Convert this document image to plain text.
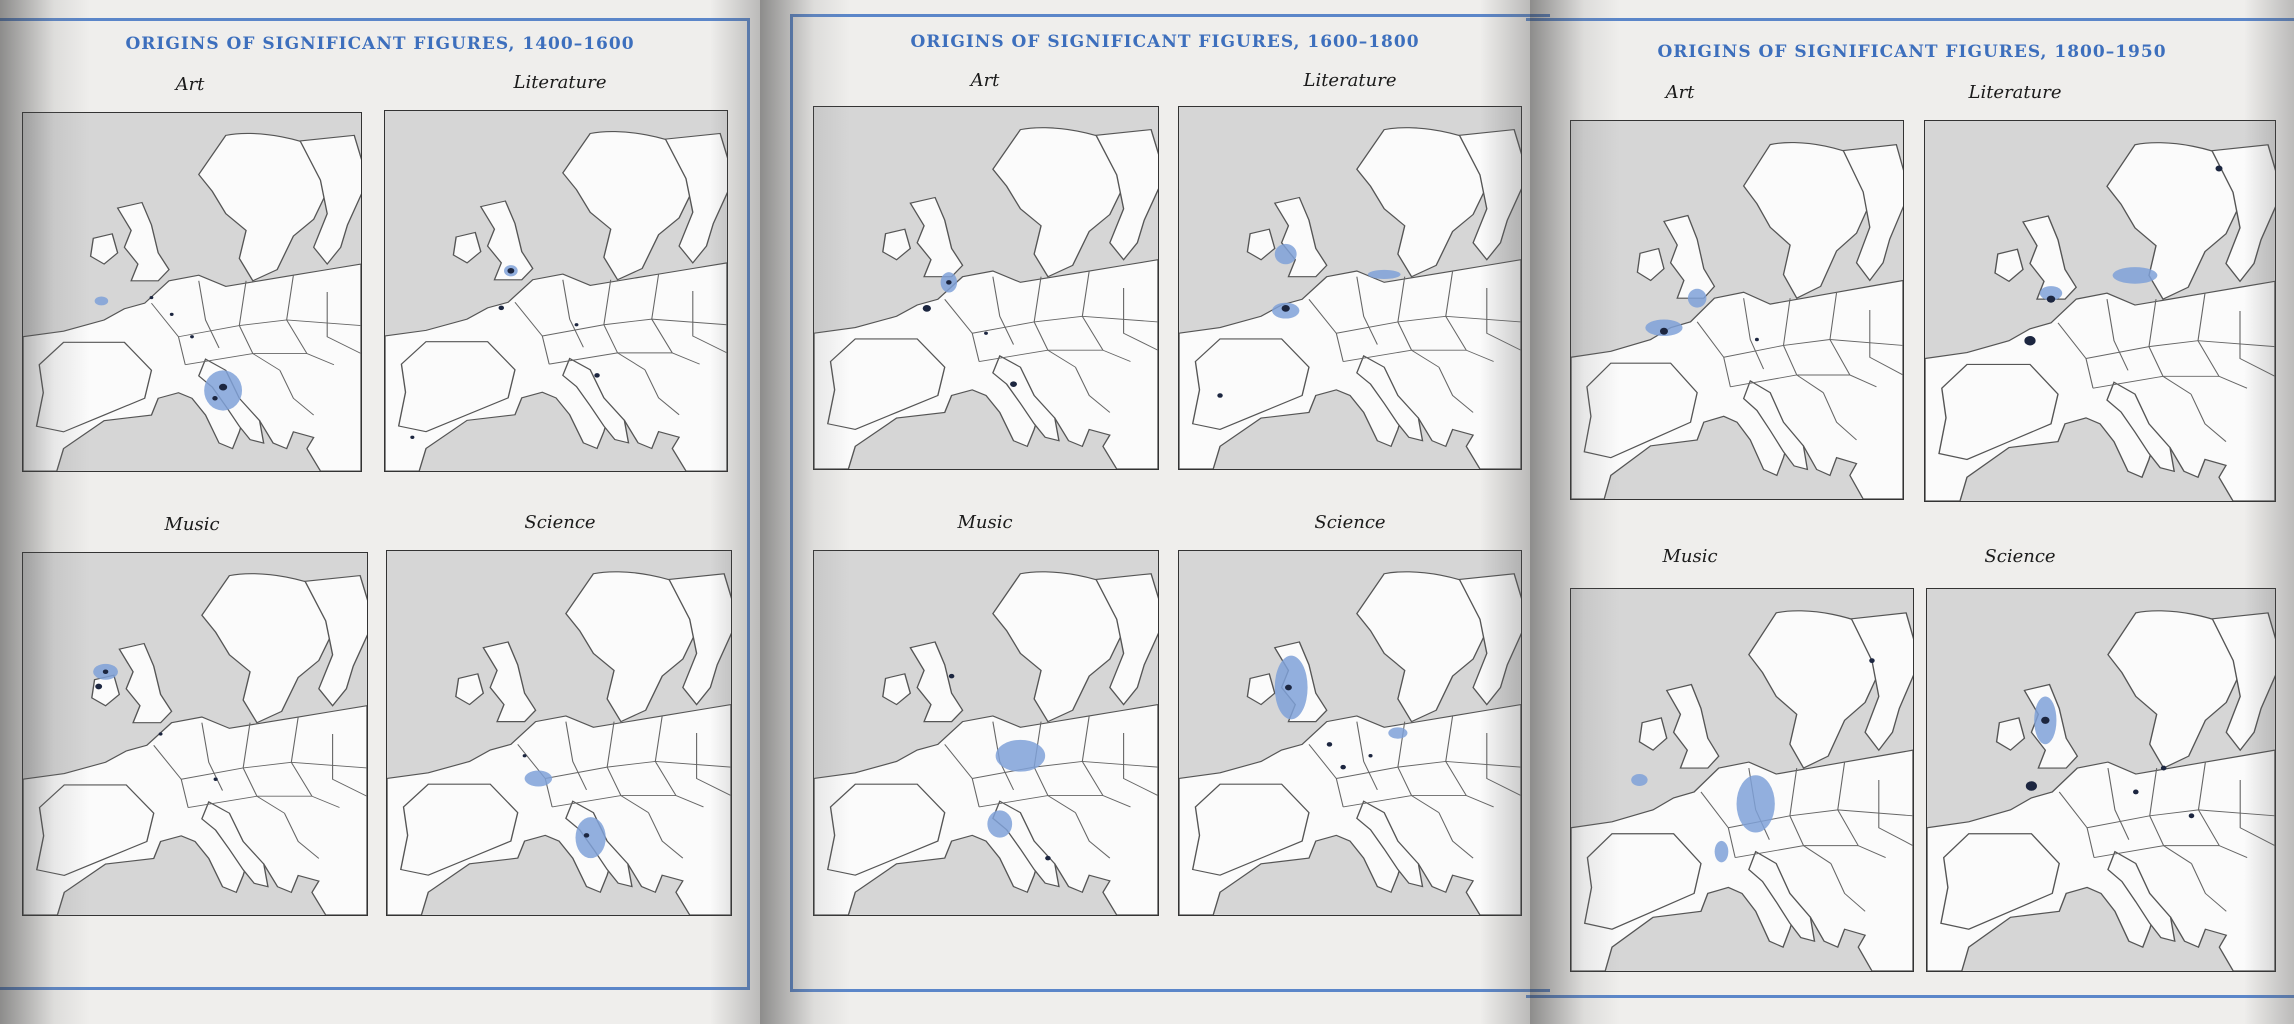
ORIGINS OF SIGNIFICANT FIGURES, 1400–1600
Art	Literature
Music	Science
ORIGINS OF SIGNIFICANT FIGURES, 1600–1800
Art	Literature
Music	Science
ORIGINS OF SIGNIFICANT FIGURES, 1800–1950
Art	Literature
Music	Science
